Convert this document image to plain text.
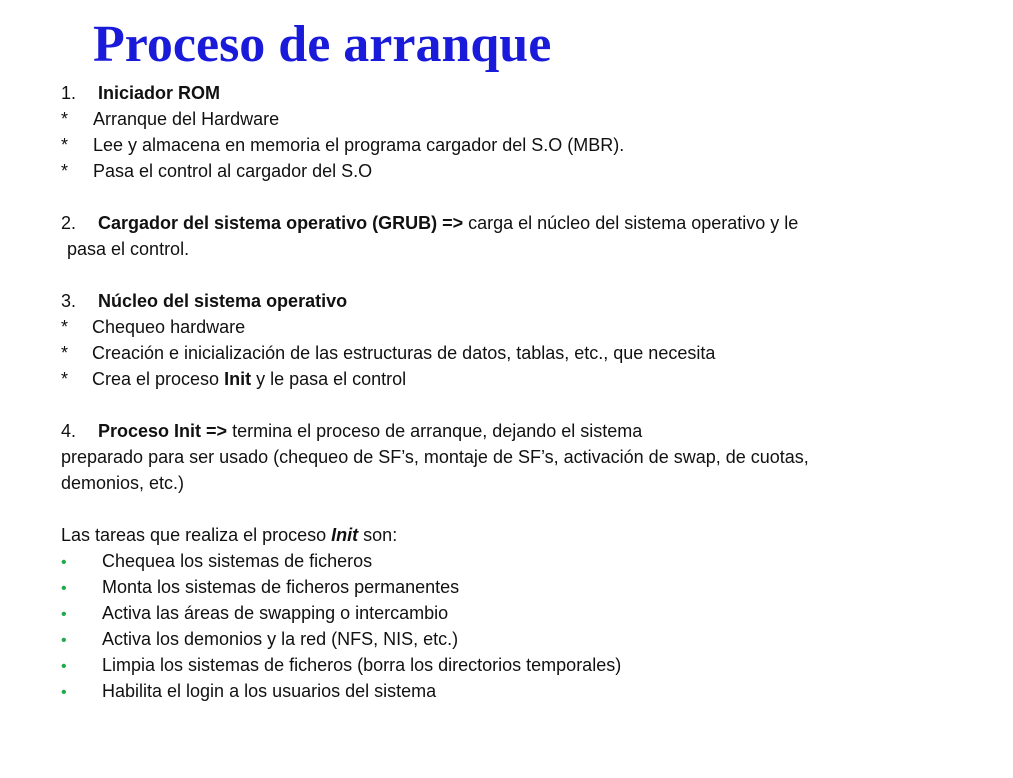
Proceso de arranque
1. Iniciador ROM
* Arranque del Hardware
* Lee y almacena en memoria el programa cargador del S.O (MBR).
* Pasa el control al cargador del S.O
2. Cargador del sistema operativo (GRUB) => carga el núcleo del sistema operativo y le
pasa el control.
3. Núcleo del sistema operativo
* Chequeo hardware
* Creación e inicialización de las estructuras de datos, tablas, etc., que necesita
* Crea el proceso Init y le pasa el control
4. Proceso Init => termina el proceso de arranque, dejando el sistema
preparado para ser usado (chequeo de SF’s, montaje de SF’s, activación de swap, de cuotas,
demonios, etc.)
Las tareas que realiza el proceso Init son:
• Chequea los sistemas de ficheros
• Monta los sistemas de ficheros permanentes
• Activa las áreas de swapping o intercambio
• Activa los demonios y la red (NFS, NIS, etc.)
• Limpia los sistemas de ficheros (borra los directorios temporales)
• Habilita el login a los usuarios del sistema
